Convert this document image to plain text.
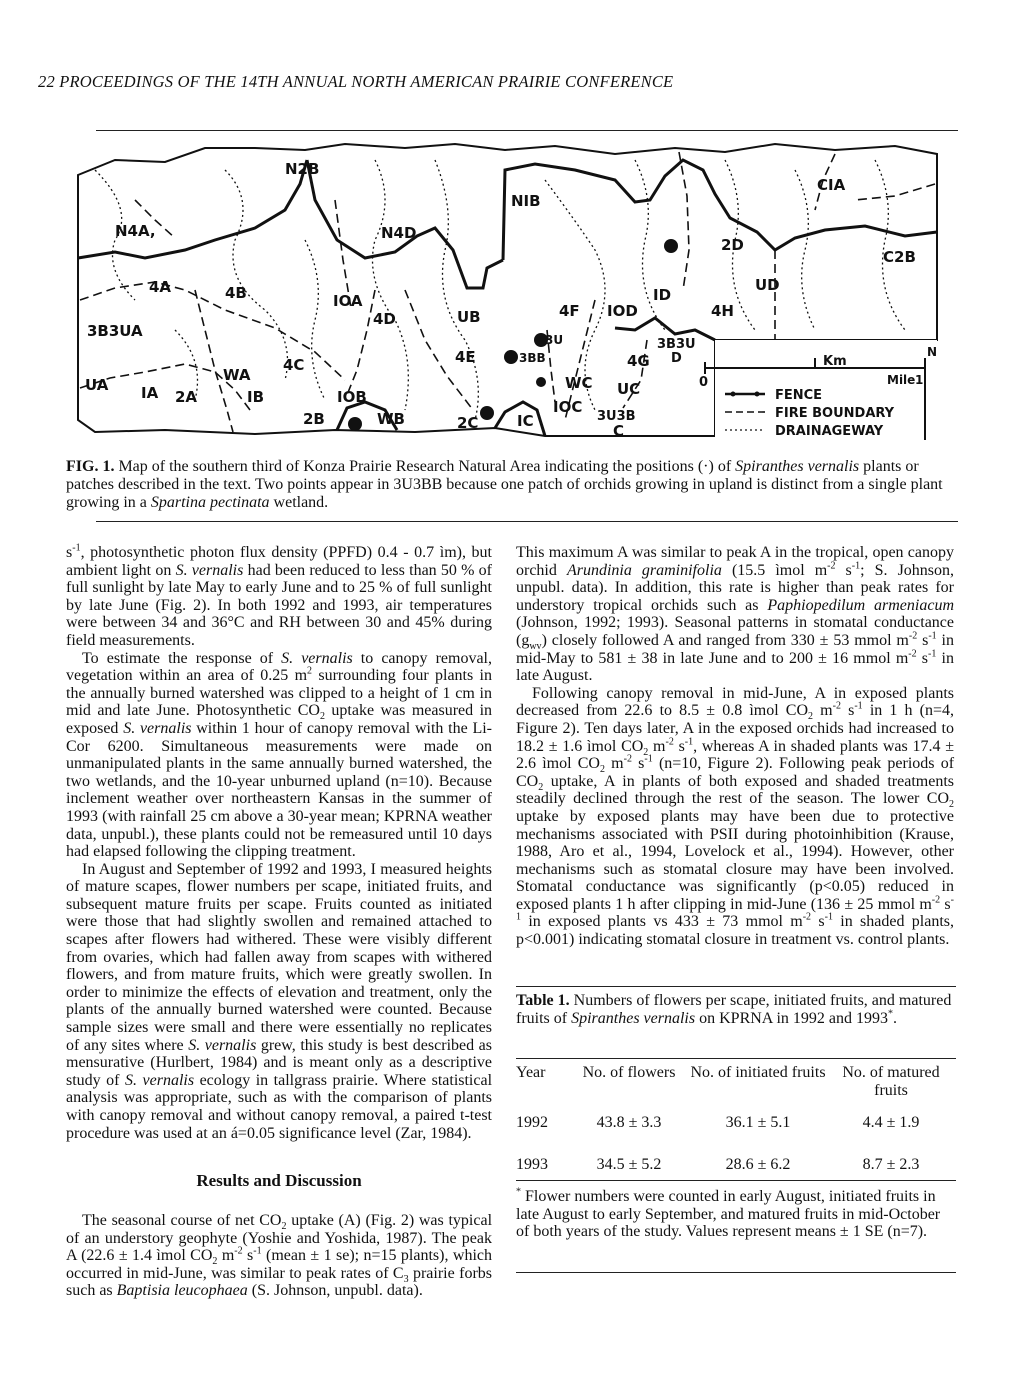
22 PROCEEDINGS OF THE 14TH ANNUAL NORTH AMERICAN PRAIRIE CONFERENCE
N2B
N4A,
NIB
N4D
CIA
C2B
2D
UD
4A	4B	IOA
3B3UA
4D	UB	4F
ID
IOD	4H
3U
3BB
4E	4G
3B3U
D
4C
WA
UA IA 2A	IB	IOB
2B	WB	2C	IC
WC
IOC
3U3B
UC
C
0
Km
Mile 1
N
FENCE
FIRE BOUNDARY
DRAINAGEWAY
FIG. 1. Map of the southern third of Konza Prairie Research Natural Area indicating the positions (·) of Spiranthes vernalis plants or patches described in the text. Two points appear in 3U3BB because one patch of orchids growing in upland is distinct from a single plant growing in a Spartina pectinata wetland.

$s^{-1}$, photosynthetic photon flux density (PPFD) 0.4 - 0.7 ìm), but ambient light on S. vernalis had been reduced to less than 50 % of full sunlight by late May to early June and to 25 % of full sunlight by late June (Fig. 2). In both 1992 and 1993, air temperatures were between 34 and 36°C and RH between 30 and 45% during field measurements.

To estimate the response of S. vernalis to canopy removal, vegetation within an area of 0.25 $m^2$ surrounding four plants in the annually burned watershed was clipped to a height of 1 cm in mid and late June. Photosynthetic $CO_2$ uptake was measured in exposed S. vernalis within 1 hour of canopy removal with the Li-Cor 6200. Simultaneous measurements were made on unmanipulated plants in the same annually burned watershed, the two wetlands, and the 10-year unburned upland (n=10). Because inclement weather over northeastern Kansas in the summer of 1993 (with rainfall 25 cm above a 30-year mean; KPRNA weather data, unpubl.), these plants could not be remeasured until 10 days had elapsed following the clipping treatment.

In August and September of 1992 and 1993, I measured heights of mature scapes, flower numbers per scape, initiated fruits, and subsequent mature fruits per scape. Fruits counted as initiated were those that had slightly swollen and remained attached to scapes after flowers had withered. These were visibly different from ovaries, which had fallen away from scapes with withered flowers, and from mature fruits, which were greatly swollen. In order to minimize the effects of elevation and treatment, only the plants of the annually burned watershed were counted. Because sample sizes were small and there were essentially no replicates of any sites where S. vernalis grew, this study is best described as mensurative (Hurlbert, 1984) and is meant only as a descriptive study of S. vernalis ecology in tallgrass prairie. Where statistical analysis was appropriate, such as with the comparison of plants with canopy removal and without canopy removal, a paired t-test procedure was used at an á=0.05 significance level (Zar, 1984).

Results and Discussion

The seasonal course of net $CO_2$ uptake (A) (Fig. 2) was typical of an understory geophyte (Yoshie and Yoshida, 1987). The peak A (22.6 ± 1.4 ìmol $CO_2$ $m^{-2}$ $s^{-1}$ (mean ± 1 se); n=15 plants), which occurred in mid-June, was similar to peak rates of $C_3$ prairie forbs such as Baptisia leucophaea (S. Johnson, unpubl. data).

This maximum A was similar to peak A in the tropical, open canopy orchid Arundinia graminifolia (15.5 ìmol $m^{-2}$ $s^{-1}$; S. Johnson, unpubl. data). In addition, this rate is higher than peak rates for understory tropical orchids such as Paphiopedilum armeniacum (Johnson, 1992; 1993). Seasonal patterns in stomatal conductance $(g_{wv})$ closely followed A and ranged from 330 ± 53 mmol $m^{-2}$ $s^{-1}$ in mid-May to 581 ± 38 in late June and to 200 ± 16 mmol $m^{-2}$ $s^{-1}$ in late August.

Following canopy removal in mid-June, A in exposed plants decreased from 22.6 to 8.5 ± 0.8 ìmol $CO_2$ $m^{-2}$ $s^{-1}$ in 1 h (n=4, Figure 2). Ten days later, A in the exposed orchids had increased to 18.2 ± 1.6 ìmol $CO_2$ $m^{-2}$ $s^{-1}$, whereas A in shaded plants was 17.4 ± 2.6 ìmol $CO_2$ $m^{-2}$ $s^{-1}$ (n=10, Figure 2). Following peak periods of $CO_2$ uptake, A in plants of both exposed and shaded treatments steadily declined through the rest of the season. The lower $CO_2$ uptake by exposed plants may have been due to protective mechanisms associated with PSII during photoinhibition (Krause, 1988, Aro et al., 1994, Lovelock et al., 1994). However, other mechanisms such as stomatal closure may have been involved. Stomatal conductance was significantly (p<0.05) reduced in exposed plants 1 h after clipping in mid-June (136 ± 25 mmol $m^{-2}$ $s^{-1}$ in exposed plants vs 433 ± 73 mmol $m^{-2}$ $s^{-1}$ in shaded plants, p<0.001) indicating stomatal closure in treatment vs. control plants.

Table 1. Numbers of flowers per scape, initiated fruits, and matured fruits of Spiranthes vernalis on KPRNA in 1992 and 1993*.
Year	No. of flowers	No. of initiated fruits	No. of matured fruits
1992	43.8 ± 3.3	36.1 ± 5.1	4.4 ± 1.9
1993	34.5 ± 5.2	28.6 ± 6.2	8.7 ± 2.3
* Flower numbers were counted in early August, initiated fruits in late August to early September, and matured fruits in mid-October of both years of the study. Values represent means ± 1 SE (n=7).
